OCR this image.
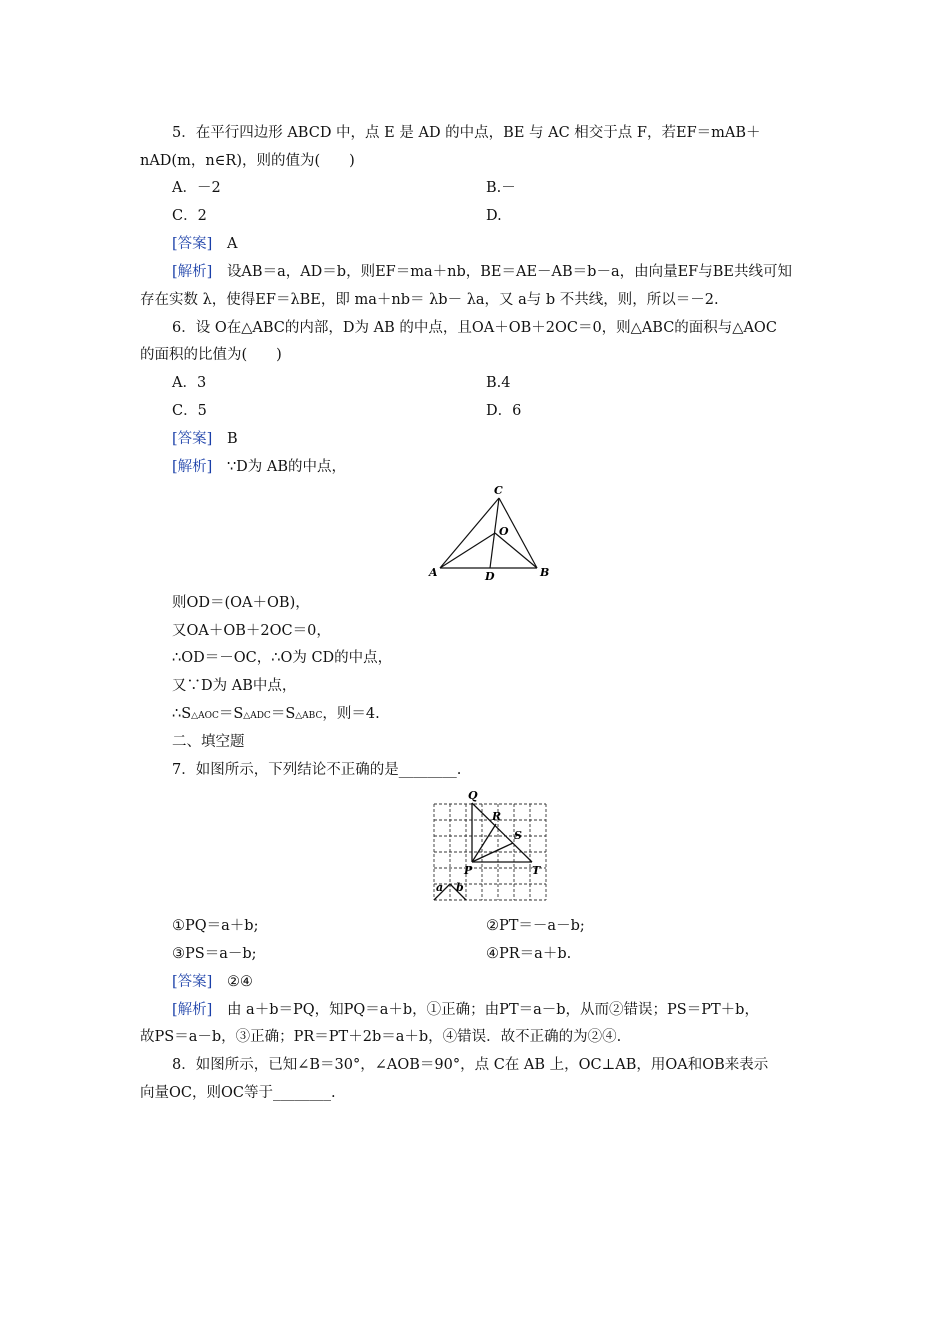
5．在平行四边形 ABCD 中，点 E 是 AD 的中点，BE 与 AC 相交于点 F，若EF＝mAB＋
nAD(m，n∈R)，则的值为(　　)
A．－2	B.－
C．2	D.
[答案] A
[解析] 设AB＝a，AD＝b，则EF＝ma＋nb，BE＝AE－AB＝b－a，由向量EF与BE共线可知
存在实数 λ，使得EF＝λBE，即 ma＋nb＝ λb－ λa，又 a与 b 不共线，则，所以＝－2.
6．设 O在△ABC的内部，D为 AB 的中点，且OA＋OB＋2OC＝0，则△ABC的面积与△AOC
的面积的比值为(　　)
A．3	B.4
C．5	D．6
[答案] B
[解析] ∵D为 AB的中点，
C
O
A	D	B
则OD＝(OA＋OB)，
又OA＋OB＋2OC＝0，
∴OD＝－OC，∴O为 CD的中点，
又∵D为 AB中点，
∴S△AOC＝S△ADC＝S△ABC，则＝4.
二、填空题
7．如图所示，下列结论不正确的是________.
Q
R
S
P	T
a b
①PQ＝a＋b;	②PT＝－a－b;
③PS＝a－b;	④PR＝a＋b.
[答案] ②④
[解析] 由 a＋b＝PQ，知PQ＝a＋b，①正确；由PT＝a－b，从而②错误；PS＝PT＋b，
故PS＝a－b，③正确；PR＝PT＋2b＝a＋b，④错误．故不正确的为②④.
8．如图所示，已知∠B＝30°，∠AOB＝90°，点 C在 AB 上，OC⊥AB，用OA和OB来表示
向量OC，则OC等于________.
